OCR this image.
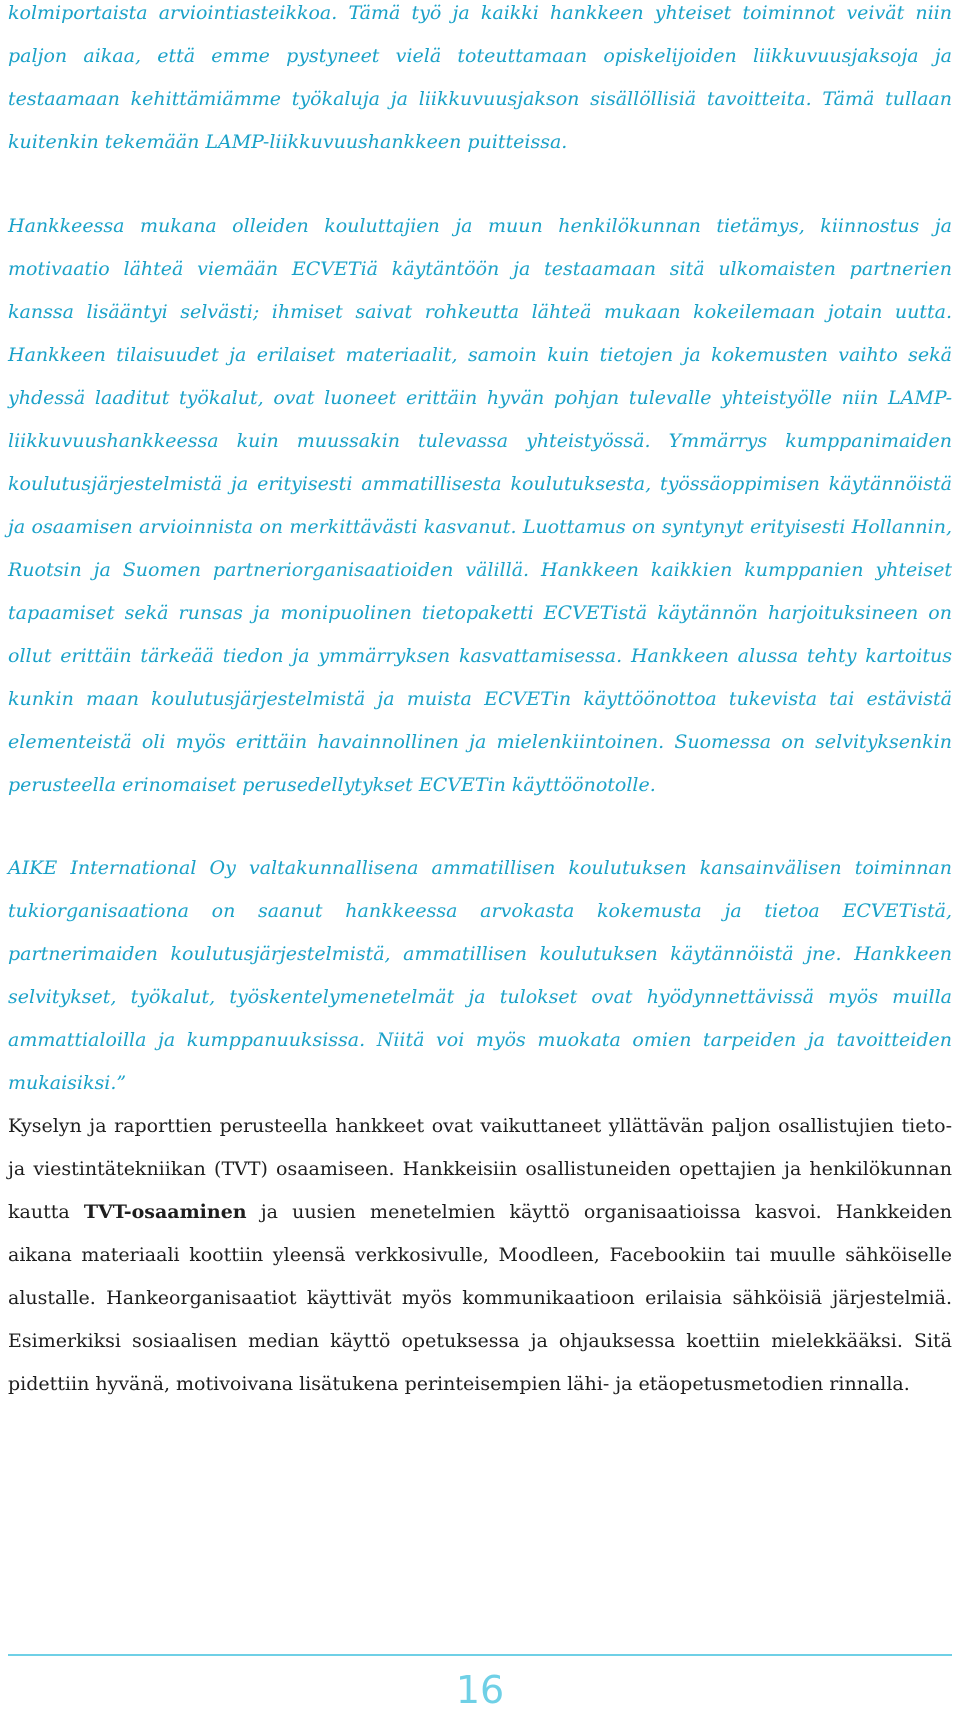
kolmiportaista arviointiasteikkoa. Tämä työ ja kaikki hankkeen yhteiset toiminnot veivät niin paljon aikaa, että emme pystyneet vielä toteuttamaan opiskelijoiden liikkuvuusjaksoja ja testaamaan kehittämiämme työkaluja ja liikkuvuusjakson sisällöllisiä tavoitteita. Tämä tullaan kuitenkin tekemään LAMP-liikkuvuushankkeen puitteissa.

Hankkeessa mukana olleiden kouluttajien ja muun henkilökunnan tietämys, kiinnostus ja motivaatio lähteä viemään ECVETiä käytäntöön ja testaamaan sitä ulkomaisten partnerien kanssa lisääntyi selvästi; ihmiset saivat rohkeutta lähteä mukaan kokeilemaan jotain uutta. Hankkeen tilaisuudet ja erilaiset materiaalit, samoin kuin tietojen ja kokemusten vaihto sekä yhdessä laaditut työkalut, ovat luoneet erittäin hyvän pohjan tulevalle yhteistyölle niin LAMP-liikkuvuushankkeessa kuin muussakin tulevassa yhteistyössä. Ymmärrys kumppanimaiden koulutusjärjestelmistä ja erityisesti ammatillisesta koulutuksesta, työssäoppimisen käytännöistä ja osaamisen arvioinnista on merkittävästi kasvanut. Luottamus on syntynyt erityisesti Hollannin, Ruotsin ja Suomen partneriorganisaatioiden välillä. Hankkeen kaikkien kumppanien yhteiset tapaamiset sekä runsas ja monipuolinen tietopaketti ECVETistä käytännön harjoituksineen on ollut erittäin tärkeää tiedon ja ymmärryksen kasvattamisessa. Hankkeen alussa tehty kartoitus kunkin maan koulutusjärjestelmistä ja muista ECVETin käyttöönottoa tukevista tai estävistä elementeistä oli myös erittäin havainnollinen ja mielenkiintoinen. Suomessa on selvityksenkin perusteella erinomaiset perusedellytykset ECVETin käyttöönotolle.

AIKE International Oy valtakunnallisena ammatillisen koulutuksen kansainvälisen toiminnan tukiorganisaationa on saanut hankkeessa arvokasta kokemusta ja tietoa ECVETistä, partnerimaiden koulutusjärjestelmistä, ammatillisen koulutuksen käytännöistä jne. Hankkeen selvitykset, työkalut, työskentelymenetelmät ja tulokset ovat hyödynnettävissä myös muilla ammattialoilla ja kumppanuuksissa. Niitä voi myös muokata omien tarpeiden ja tavoitteiden mukaisiksi.”

Kyselyn ja raporttien perusteella hankkeet ovat vaikuttaneet yllättävän paljon osallistujien tieto- ja viestintätekniikan (TVT) osaamiseen. Hankkeisiin osallistuneiden opettajien ja henkilökunnan kautta TVT-osaaminen ja uusien menetelmien käyttö organisaatioissa kasvoi. Hankkeiden aikana materiaali koottiin yleensä verkkosivulle, Moodleen, Facebookiin tai muulle sähköiselle alustalle. Hankeorganisaatiot käyttivät myös kommunikaatioon erilaisia sähköisiä järjestelmiä. Esimerkiksi sosiaalisen median käyttö opetuksessa ja ohjauksessa koettiin mielekkääksi. Sitä pidettiin hyvänä, motivoivana lisätukena perinteisempien lähi- ja etäopetusmetodien rinnalla.

16
